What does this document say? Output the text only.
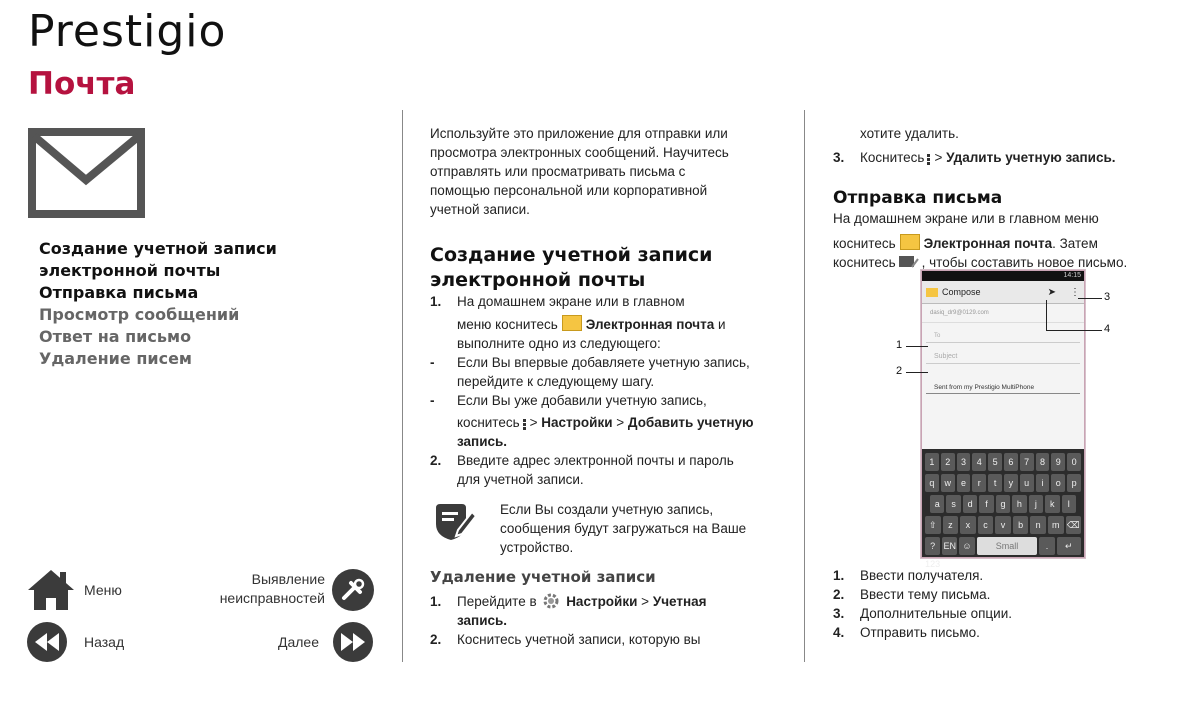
Prestigio
Почта
Создание учетной записи
электронной почты
Отправка письма
Просмотр сообщений
Ответ на письмо
Удаление писем
Меню
Выявление
неисправностей
Назад	Далее
Используйте это приложение для отправки или
просмотра электронных сообщений. Научитесь
отправлять или просматривать письма с
помощью персональной или корпоративной
учетной записи.
Создание учетной записи
электронной почты
1.	На домашнем экране или в главном
меню коснитесь Электронная почта и
выполните одно из следующего:
-	Если Вы впервые добавляете учетную запись,
перейдите к следующему шагу.
-	Если Вы уже добавили учетную запись,
коснитесь > Настройки > Добавить учетную
запись.
2.	Введите адрес электронной почты и пароль
для учетной записи.
Если Вы создали учетную запись,
сообщения будут загружаться на Ваше
устройство.
Удаление учетной записи
1.	Перейдите в Настройки > Учетная
запись.
2.	Коснитесь учетной записи, которую вы
хотите удалить.
3.	Коснитесь > Удалить учетную запись.
Отправка письма
На домашнем экране или в главном меню
коснитесь Электронная почта. Затем
коснитесь , чтобы составить новое письмо.
14:15
Compose	➤ ⋮
dasiq_dr9@0129.com
To
Subject
Sent from my Prestigio MultiPhone
1	2	3	4	5	6	7	8	9	0
q	w	e	r	t	y	u	i	o	p
a	s	d	f	g	h	j	k	l
⇧	z	x	c	v	b	n	m ⌫
?123
EN ☺	Small	.	↵
1
2
3
4
1.	Ввести получателя.
2.	Ввести тему письма.
3.	Дополнительные опции.
4.	Отправить письмо.
